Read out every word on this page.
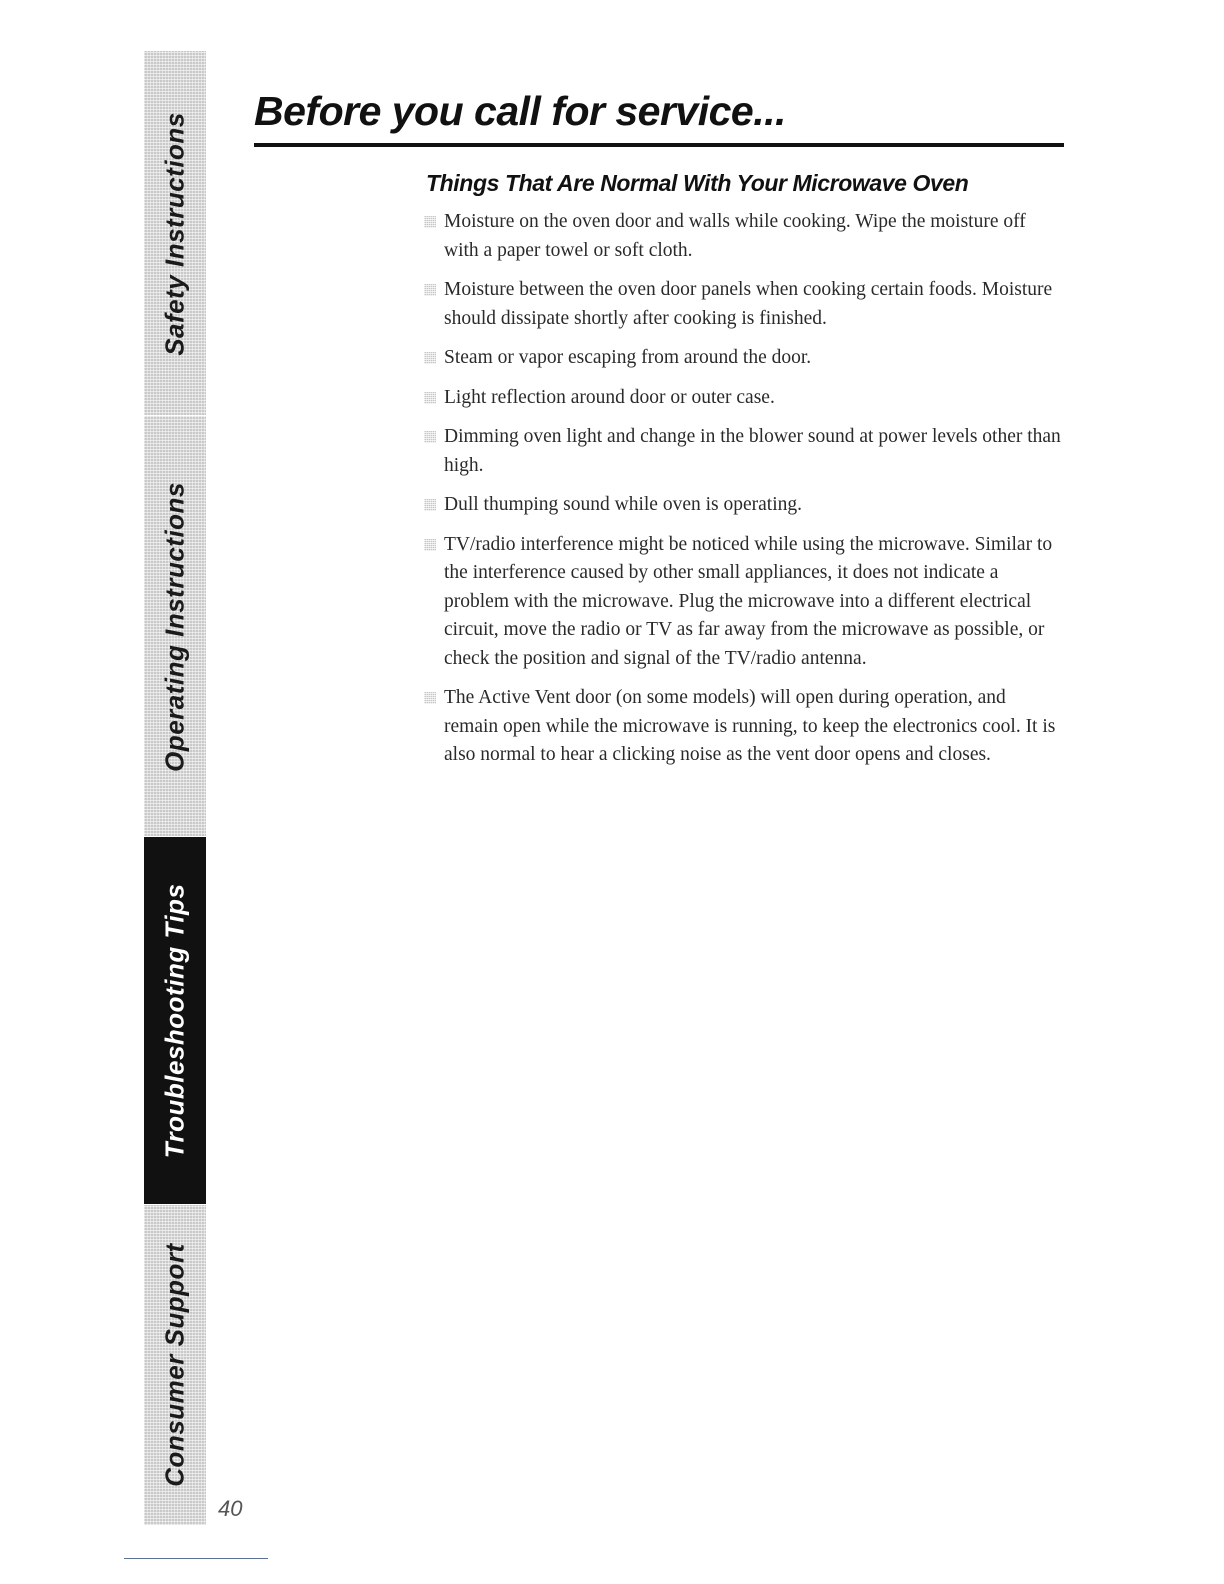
Safety Instructions
Operating Instructions
Troubleshooting Tips
Consumer Support
Before you call for service...
Things That Are Normal With Your Microwave Oven
Moisture on the oven door and walls while cooking. Wipe the moisture off with a paper towel or soft cloth.
Moisture between the oven door panels when cooking certain foods. Moisture should dissipate shortly after cooking is finished.
Steam or vapor escaping from around the door.
Light reflection around door or outer case.
Dimming oven light and change in the blower sound at power levels other than high.
Dull thumping sound while oven is operating.
TV/radio interference might be noticed while using the microwave. Similar to the interference caused by other small appliances, it does not indicate a problem with the microwave. Plug the microwave into a different electrical circuit, move the radio or TV as far away from the microwave as possible, or check the position and signal of the TV/radio antenna.
The Active Vent door (on some models) will open during operation, and remain open while the microwave is running, to keep the electronics cool. It is also normal to hear a clicking noise as the vent door opens and closes.
40
